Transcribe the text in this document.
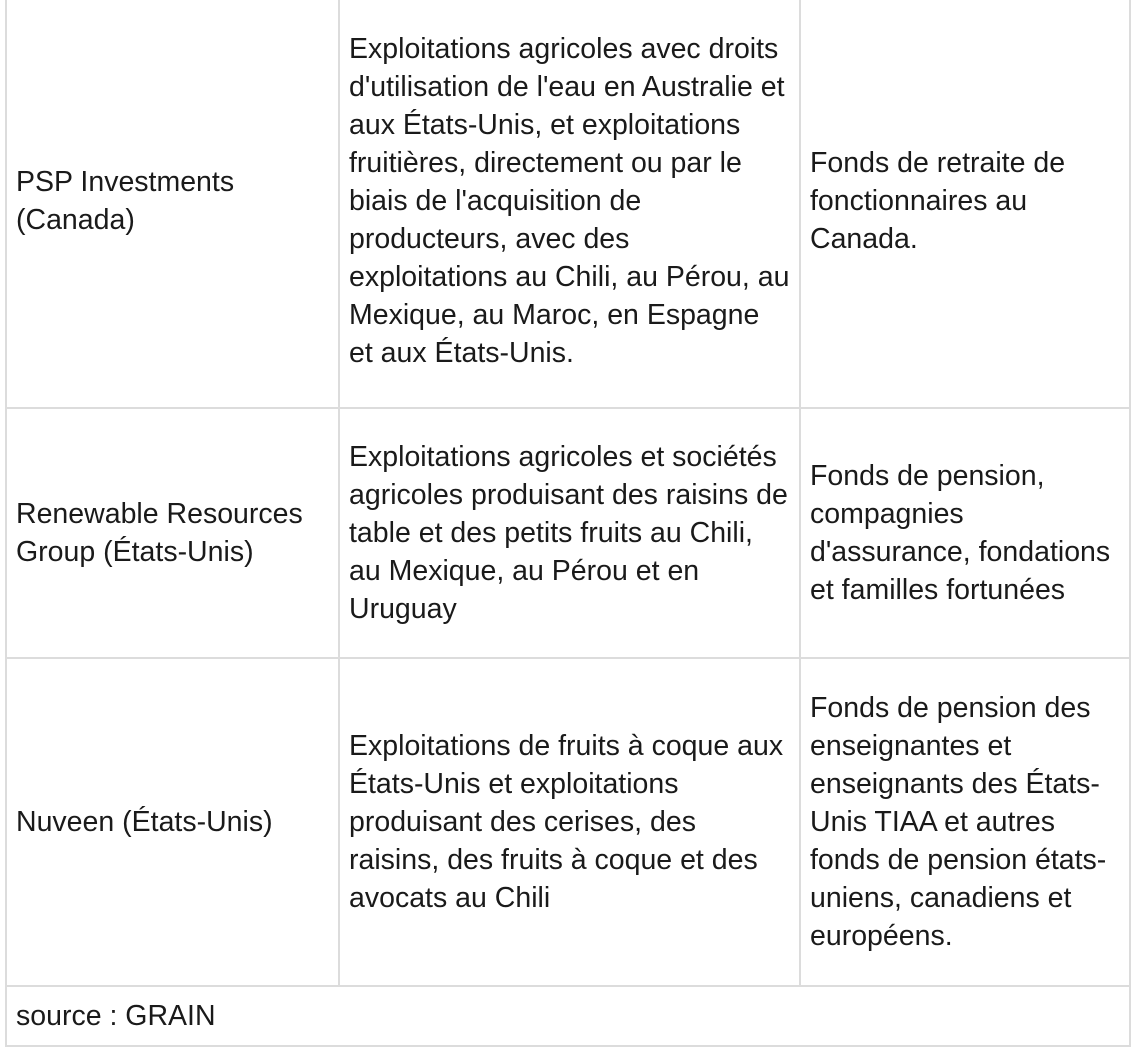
PSP Investments (Canada)	Exploitations agricoles avec droits d'utilisation de l'eau en Australie et aux États-Unis, et exploitations fruitières, directement ou par le biais de l'acquisition de producteurs, avec des exploitations au Chili, au Pérou, au Mexique, au Maroc, en Espagne et aux États-Unis.	Fonds de retraite de fonctionnaires au Canada.

Renewable Resources Group (États-Unis)	Exploitations agricoles et sociétés agricoles produisant des raisins de table et des petits fruits au Chili, au Mexique, au Pérou et en Uruguay	Fonds de pension, compagnies d'assurance, fondations et familles fortunées

Nuveen (États-Unis)	Exploitations de fruits à coque aux États-Unis et exploitations produisant des cerises, des raisins, des fruits à coque et des avocats au Chili	Fonds de pension des enseignantes et enseignants des États-Unis TIAA et autres fonds de pension états-uniens, canadiens et européens.

source : GRAIN		
